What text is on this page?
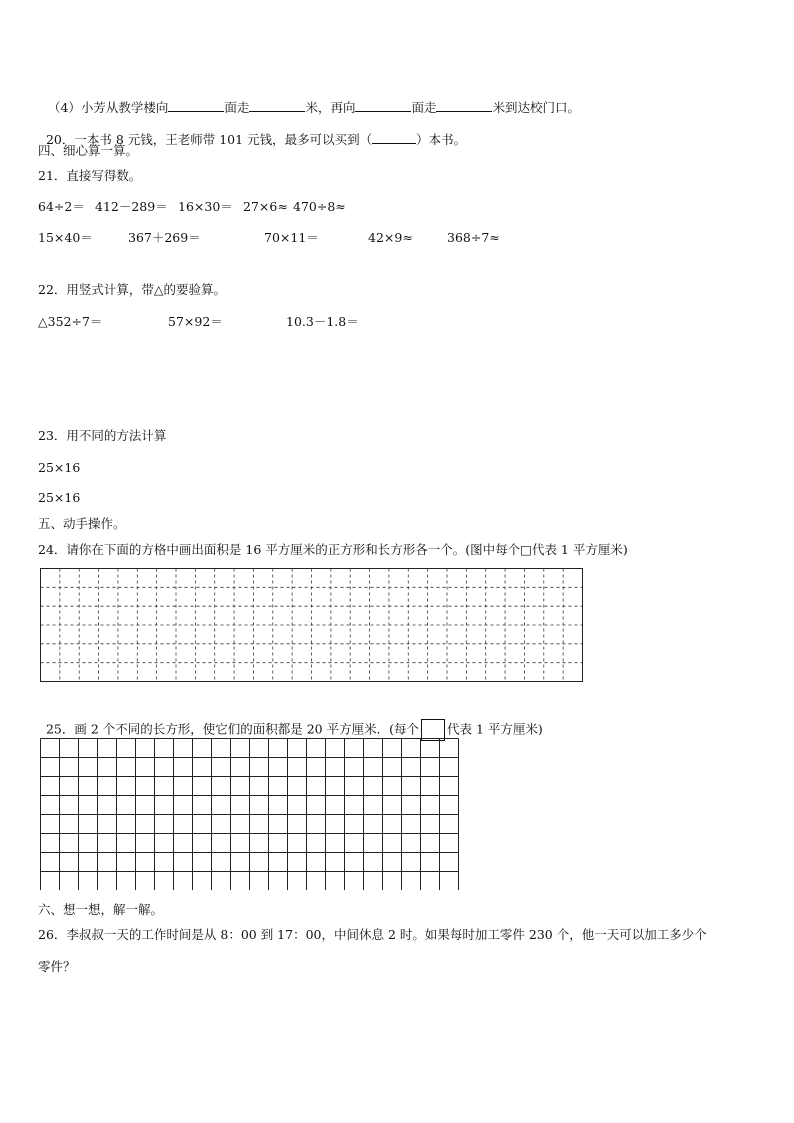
（4）小芳从教学楼向	面走	米，再向	面走	米到达校门口。

20．一本书 8 元钱，王老师带 101 元钱，最多可以买到（	）本书。

四、细心算一算。
21．直接写得数。
64÷2＝ 412－289＝ 16×30＝ 27×6≈ 470÷8≈
15×40＝	367＋269＝	70×11＝	42×9≈	368÷7≈
22．用竖式计算，带△的要验算。
△352÷7＝	57×92＝	10.3－1.8＝
23．用不同的方法计算
25×16
25×16
五、动手操作。
24．请你在下面的方格中画出面积是 16 平方厘米的正方形和长方形各一个。(图中每个□代表 1 平方厘米)

25．画 2 个不同的长方形，使它们的面积都是 20 平方厘米．(每个 代表 1 平方厘米)

六、想一想，解一解。
26．李叔叔一天的工作时间是从 8：00 到 17：00，中间休息 2 时。如果每时加工零件 230 个，他一天可以加工多少个
零件？
